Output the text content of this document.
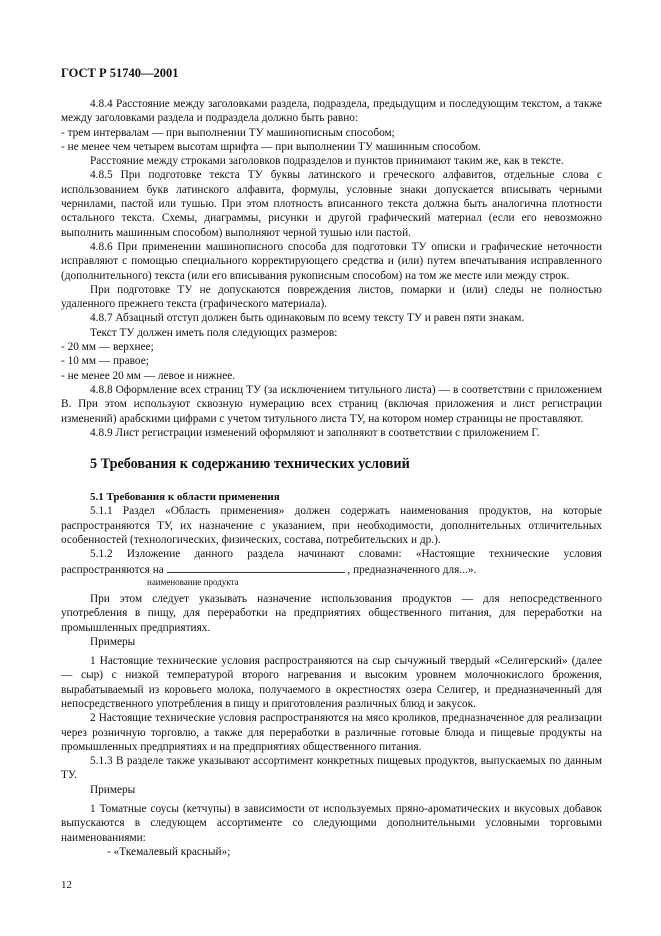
ГОСТ Р 51740—2001

4.8.4 Расстояние между заголовками раздела, подраздела, предыдущим и последующим текстом, а также между заголовками раздела и подраздела должно быть равно:

- трем интервалам — при выполнении ТУ машинописным способом;

- не менее чем четырем высотам шрифта — при выполнении ТУ машинным способом.

Расстояние между строками заголовков подразделов и пунктов принимают таким же, как в тексте.

4.8.5 При подготовке текста ТУ буквы латинского и греческого алфавитов, отдельные слова с использованием букв латинского алфавита, формулы, условные знаки допускается вписывать черными чернилами, пастой или тушью. При этом плотность вписанного текста должна быть аналогична плотности остального текста. Схемы, диаграммы, рисунки и другой графический материал (если его невозможно выполнить машинным способом) выполняют черной тушью или пастой.

4.8.6 При применении машинописного способа для подготовки ТУ описки и графические неточности исправляют с помощью специального корректирующего средства и (или) путем впечатывания исправленного (дополнительного) текста (или его вписывания рукописным способом) на том же месте или между строк.

При подготовке ТУ не допускаются повреждения листов, помарки и (или) следы не полностью удаленного прежнего текста (графического материала).

4.8.7 Абзацный отступ должен быть одинаковым по всему тексту ТУ и равен пяти знакам.

Текст ТУ должен иметь поля следующих размеров:

- 20 мм — верхнее;

- 10 мм — правое;

- не менее 20 мм — левое и нижнее.

4.8.8 Оформление всех страниц ТУ (за исключением титульного листа) — в соответствии с приложением В. При этом используют сквозную нумерацию всех страниц (включая приложения и лист регистрации изменений) арабскими цифрами с учетом титульного листа ТУ, на котором номер страницы не проставляют.

4.8.9 Лист регистрации изменений оформляют и заполняют в соответствии с приложением Г.

5 Требования к содержанию технических условий
5.1 Требования к области применения

5.1.1 Раздел «Область применения» должен содержать наименования продуктов, на которые распространяются ТУ, их назначение с указанием, при необходимости, дополнительных отличительных особенностей (технологических, физических, состава, потребительских и др.).

5.1.2 Изложение данного раздела начинают словами: «Настоящие технические условия распространяются на	, предназначенного для...».

наименование продукта

При этом следует указывать назначение использования продуктов — для непосредственного употребления в пищу, для переработки на предприятиях общественного питания, для переработки на промышленных предприятиях.

Примеры

1 Настоящие технические условия распространяются на сыр сычужный твердый «Селигерский» (далее — сыр) с низкой температурой второго нагревания и высоким уровнем молочнокислого брожения, вырабатываемый из коровьего молока, получаемого в окрестностях озера Селигер, и предназначенный для непосредственного употребления в пищу и приготовления различных блюд и закусок.

2 Настоящие технические условия распространяются на мясо кроликов, предназначенное для реализации через розничную торговлю, а также для переработки в различные готовые блюда и пищевые продукты на промышленных предприятиях и на предприятиях общественного питания.

5.1.3 В разделе также указывают ассортимент конкретных пищевых продуктов, выпускаемых по данным ТУ.

Примеры

1 Томатные соусы (кетчупы) в зависимости от используемых пряно-ароматических и вкусовых добавок выпускаются в следующем ассортименте со следующими дополнительными условными торговыми наименованиями:

- «Ткемалевый красный»;

12
